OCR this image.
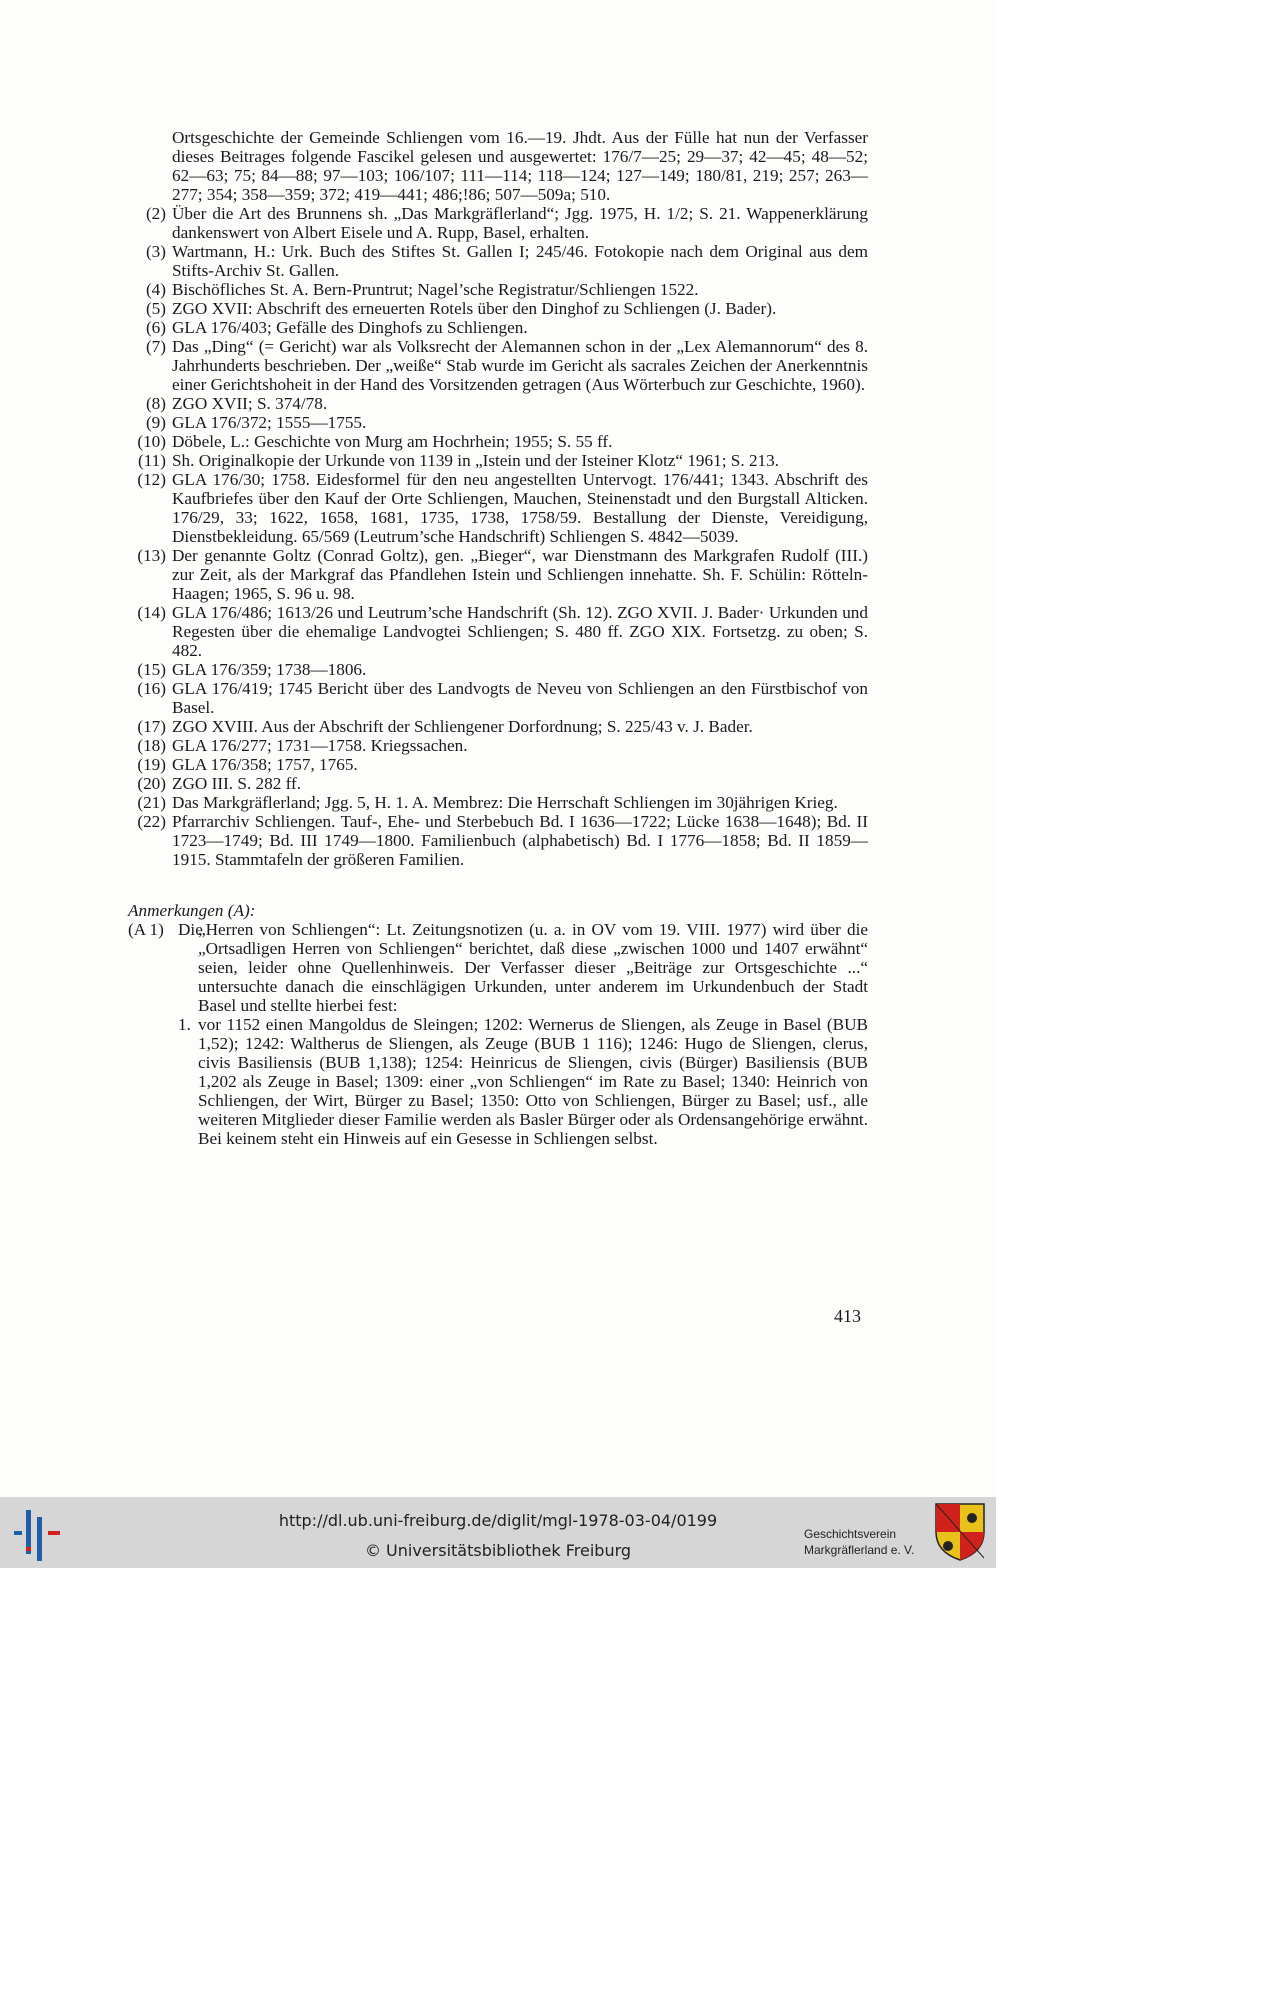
Ortsgeschichte der Gemeinde Schliengen vom 16.—19. Jhdt. Aus der Fülle hat nun der Verfasser dieses Beitrages folgende Fascikel gelesen und ausgewertet: 176/7—25; 29—37; 42—45; 48—52; 62—63; 75; 84—88; 97—103; 106/107; 111—114; 118—124; 127—149; 180/81, 219; 257; 263—277; 354; 358—359; 372; 419—441; 486;!86; 507—509a; 510.
(2) Über die Art des Brunnens sh. „Das Markgräflerland“; Jgg. 1975, H. 1/2; S. 21. Wappenerklärung dankenswert von Albert Eisele und A. Rupp, Basel, erhalten.
(3) Wartmann, H.: Urk. Buch des Stiftes St. Gallen I; 245/46. Fotokopie nach dem Original aus dem Stifts-Archiv St. Gallen.
(4) Bischöfliches St. A. Bern-Pruntrut; Nagel’sche Registratur/Schliengen 1522.
(5) ZGO XVII: Abschrift des erneuerten Rotels über den Dinghof zu Schliengen (J. Bader).
(6) GLA 176/403; Gefälle des Dinghofs zu Schliengen.
(7) Das „Ding“ (= Gericht) war als Volksrecht der Alemannen schon in der „Lex Alemannorum“ des 8. Jahrhunderts beschrieben. Der „weiße“ Stab wurde im Gericht als sacrales Zeichen der Anerkenntnis einer Gerichtshoheit in der Hand des Vorsitzenden getragen (Aus Wörterbuch zur Geschichte, 1960).
(8) ZGO XVII; S. 374/78.
(9) GLA 176/372; 1555—1755.
(10) Döbele, L.: Geschichte von Murg am Hochrhein; 1955; S. 55 ff.
(11) Sh. Originalkopie der Urkunde von 1139 in „Istein und der Isteiner Klotz“ 1961; S. 213.
(12) GLA 176/30; 1758. Eidesformel für den neu angestellten Untervogt. 176/441; 1343. Abschrift des Kaufbriefes über den Kauf der Orte Schliengen, Mauchen, Steinenstadt und den Burgstall Alticken. 176/29, 33; 1622, 1658, 1681, 1735, 1738, 1758/59. Bestallung der Dienste, Vereidigung, Dienstbekleidung. 65/569 (Leutrum’sche Handschrift) Schliengen S. 4842—5039.
(13) Der genannte Goltz (Conrad Goltz), gen. „Bieger“, war Dienstmann des Markgrafen Rudolf (III.) zur Zeit, als der Markgraf das Pfandlehen Istein und Schliengen innehatte. Sh. F. Schülin: Rötteln-Haagen; 1965, S. 96 u. 98.
(14) GLA 176/486; 1613/26 und Leutrum’sche Handschrift (Sh. 12). ZGO XVII. J. Bader· Urkunden und Regesten über die ehemalige Landvogtei Schliengen; S. 480 ff. ZGO XIX. Fortsetzg. zu oben; S. 482.
(15) GLA 176/359; 1738—1806.
(16) GLA 176/419; 1745 Bericht über des Landvogts de Neveu von Schliengen an den Fürstbischof von Basel.
(17) ZGO XVIII. Aus der Abschrift der Schliengener Dorfordnung; S. 225/43 v. J. Bader.
(18) GLA 176/277; 1731—1758. Kriegssachen.
(19) GLA 176/358; 1757, 1765.
(20) ZGO III. S. 282 ff.
(21) Das Markgräflerland; Jgg. 5, H. 1. A. Membrez: Die Herrschaft Schliengen im 30jährigen Krieg.
(22) Pfarrarchiv Schliengen. Tauf-, Ehe- und Sterbebuch Bd. I 1636—1722; Lücke 1638—1648); Bd. II 1723—1749; Bd. III 1749—1800. Familienbuch (alphabetisch) Bd. I 1776—1858; Bd. II 1859—1915. Stammtafeln der größeren Familien.
Anmerkungen (A):
(A 1) Die
„Herren von Schliengen“: Lt. Zeitungsnotizen (u. a. in OV vom 19. VIII. 1977) wird über die „Ortsadligen Herren von Schliengen“ berichtet, daß diese „zwischen 1000 und 1407 erwähnt“ seien, leider ohne Quellenhinweis. Der Verfasser dieser „Beiträge zur Ortsgeschichte ...“ untersuchte danach die einschlägigen Urkunden, unter anderem im Urkundenbuch der Stadt Basel und stellte hierbei fest:
1. vor 1152 einen Mangoldus de Sleingen; 1202: Wernerus de Sliengen, als Zeuge in Basel (BUB 1,52); 1242: Waltherus de Sliengen, als Zeuge (BUB 1 116); 1246: Hugo de Sliengen, clerus, civis Basiliensis (BUB 1,138); 1254: Heinricus de Sliengen, civis (Bürger) Basiliensis (BUB 1,202 als Zeuge in Basel; 1309: einer „von Schliengen“ im Rate zu Basel; 1340: Heinrich von Schliengen, der Wirt, Bürger zu Basel; 1350: Otto von Schliengen, Bürger zu Basel; usf., alle weiteren Mitglieder dieser Familie werden als Basler Bürger oder als Ordensangehörige erwähnt. Bei keinem steht ein Hinweis auf ein Gesesse in Schliengen selbst.
413
http://dl.ub.uni-freiburg.de/diglit/mgl-1978-03-04/0199
© Universitätsbibliothek Freiburg
Geschichtsverein
Markgräflerland e. V.
